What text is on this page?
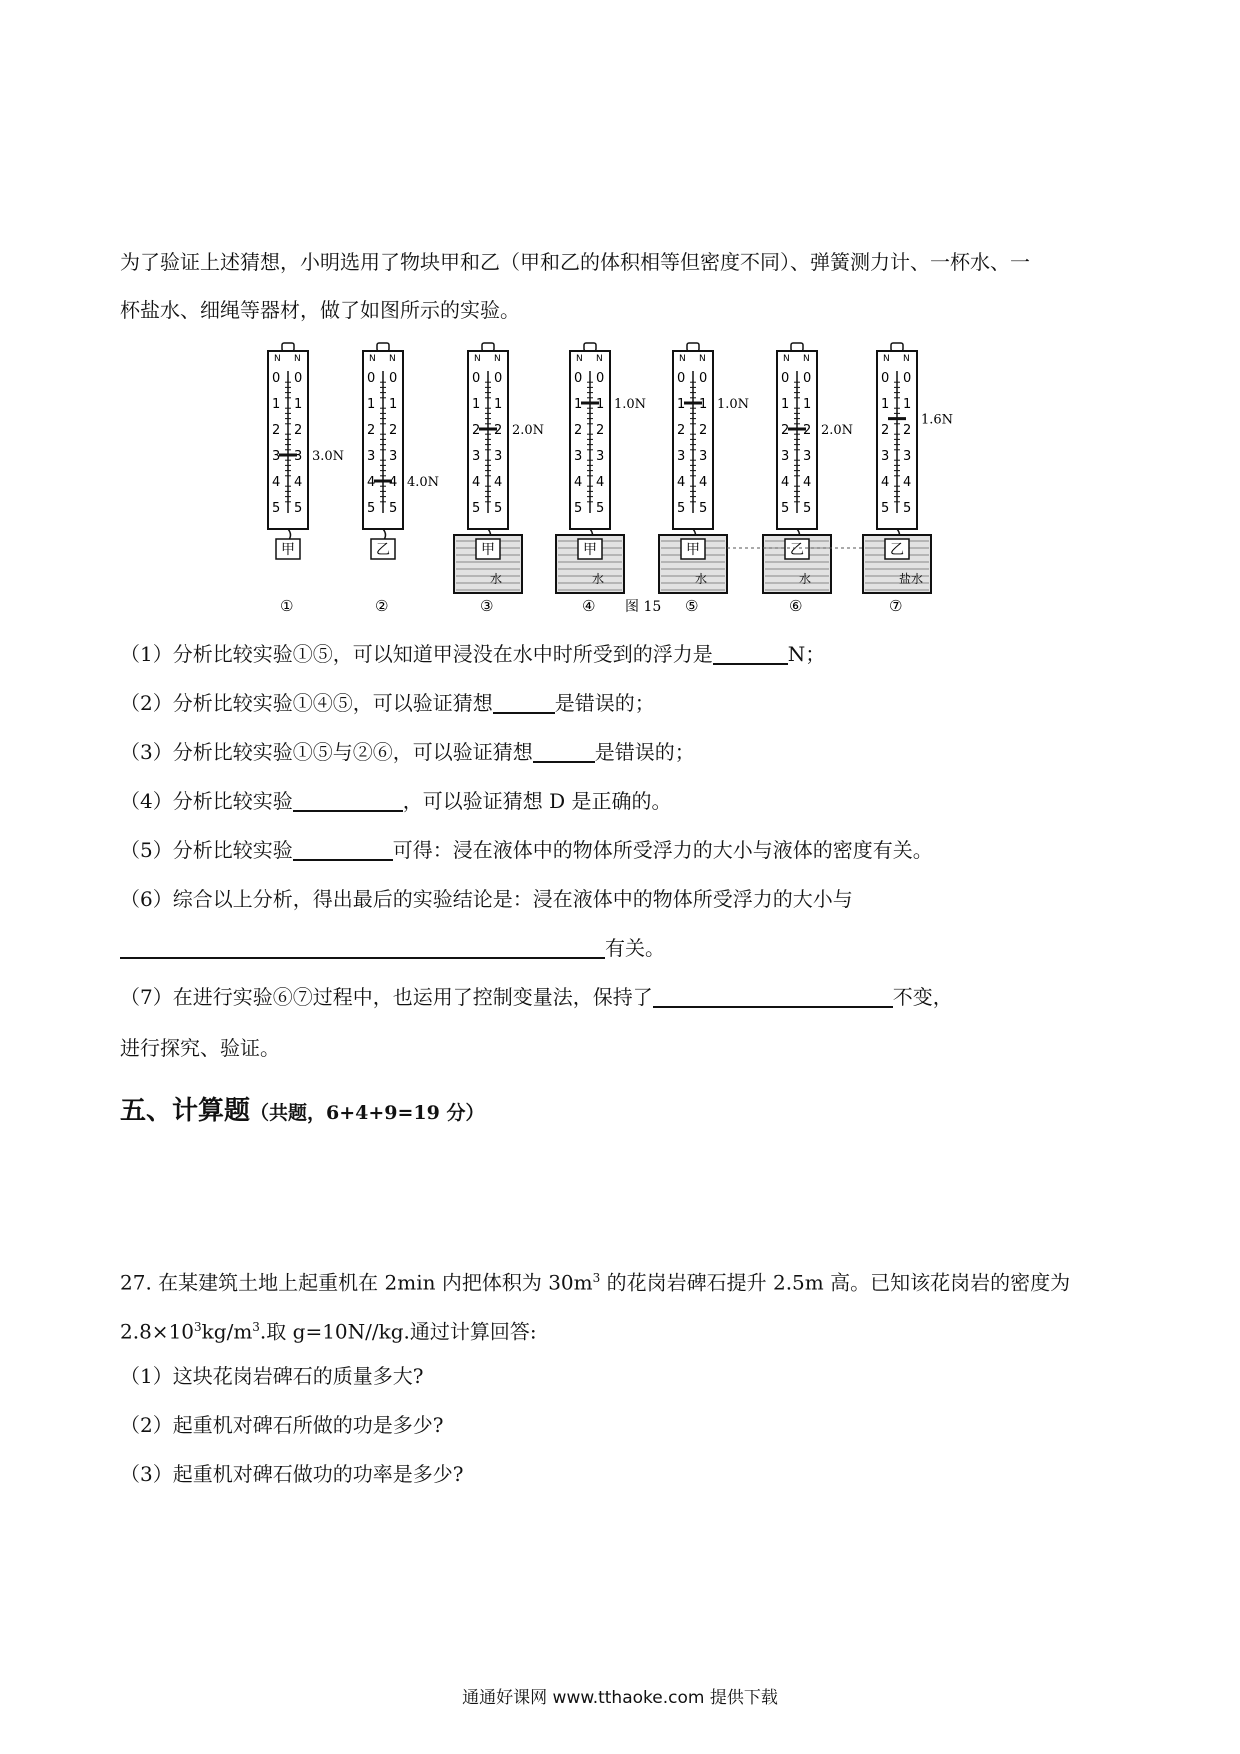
为了验证上述猜想，小明选用了物块甲和乙（甲和乙的体积相等但密度不同）、弹簧测力计、一杯水、一
杯盐水、细绳等器材，做了如图所示的实验。
N N
0 0
1 1
2 2
3 3
4 4
5 5
3.0N
甲
①
N N
0 0
1 1
2 2
3 3
4 4
5 5
4.0N
乙
②
N N
0 0
1 1
2 2
3 3
4 4
5 5
2.0N
水
甲
③
N N
0 0
1 1
2 2
3 3
4 4
5 5
1.0N
水
甲
④
N N
0 0
1 1
2 2
3 3
4 4
5 5
1.0N
水
甲
⑤
N N
0 0
1 1
2 2
3 3
4 4
5 5
2.0N
水
乙
⑥
N N
0 0
1 1
2 2
3 3
4 4
5 5
1.6N
盐水
乙
⑦
图 15
（1）分析比较实验①⑤，可以知道甲浸没在水中时所受到的浮力是	N；
（2）分析比较实验①④⑤，可以验证猜想	是错误的；
（3）分析比较实验①⑤与②⑥，可以验证猜想	是错误的；
（4）分析比较实验	，可以验证猜想 D 是正确的。
（5）分析比较实验	可得：浸在液体中的物体所受浮力的大小与液体的密度有关。
（6）综合以上分析，得出最后的实验结论是：浸在液体中的物体所受浮力的大小与
有关。
（7）在进行实验⑥⑦过程中，也运用了控制变量法，保持了	不变，
进行探究、验证。
五、计算题（共题，6+4+9=19 分）
27. 在某建筑土地上起重机在 2min 内把体积为 $30m^3$ 的花岗岩碑石提升 2.5m 高。已知该花岗岩的密度为
$2.8\times 10^3kg/m^3$.取 g=10N//kg.通过计算回答:
（1）这块花岗岩碑石的质量多大?
（2）起重机对碑石所做的功是多少?
（3）起重机对碑石做功的功率是多少?
通通好课网 www.tthaoke.com 提供下载
